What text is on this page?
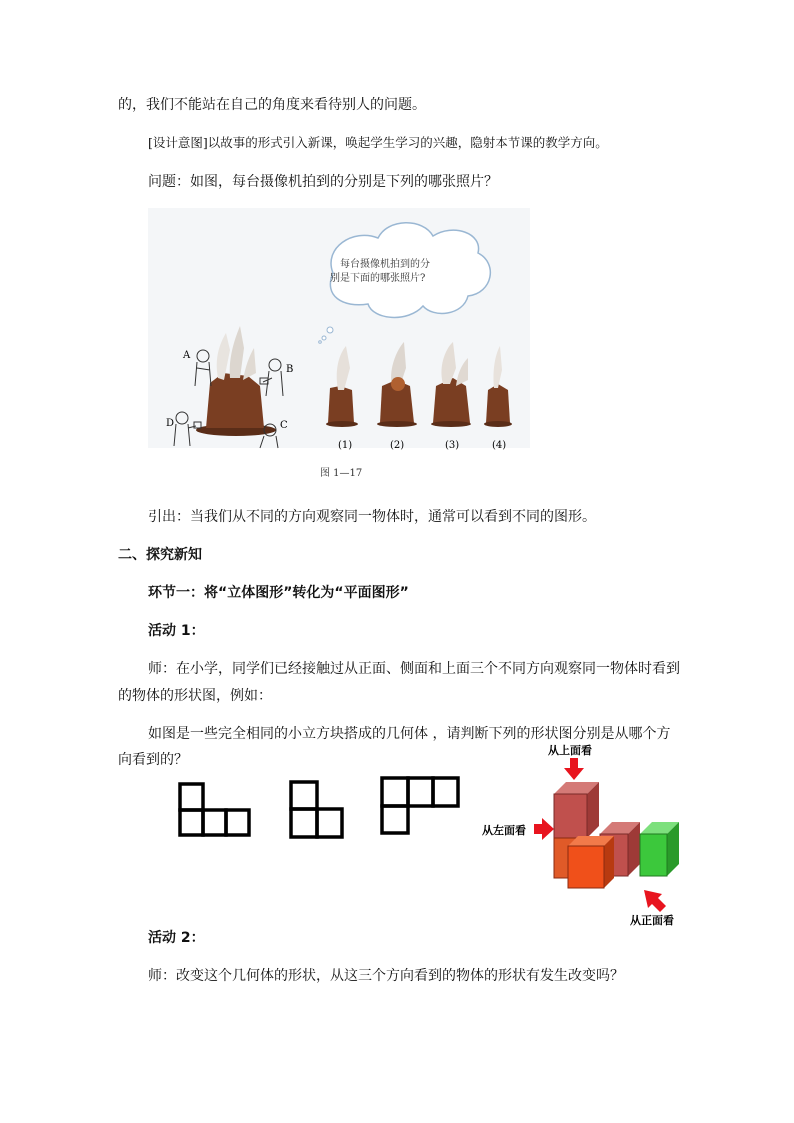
的，我们不能站在自己的角度来看待别人的问题。
[设计意图]以故事的形式引入新课，唤起学生学习的兴趣，隐射本节课的教学方向。
问题：如图，每台摄像机拍到的分别是下列的哪张照片？
每台摄像机拍到的分
别是下面的哪张照片?
A
B
C
D
(1)	(2)	(3)	(4)
图 1—17
引出：当我们从不同的方向观察同一物体时，通常可以看到不同的图形。
二、探究新知
环节一：将“立体图形”转化为“平面图形”
活动 1：
师：在小学，同学们已经接触过从正面、侧面和上面三个不同方向观察同一物体时看到
的物体的形状图，例如：
如图是一些完全相同的小立方块搭成的几何体 ，请判断下列的形状图分别是从哪个方
向看到的？
从上面看
从左面看
从正面看
活动 2：
师：改变这个几何体的形状，从这三个方向看到的物体的形状有发生改变吗？
